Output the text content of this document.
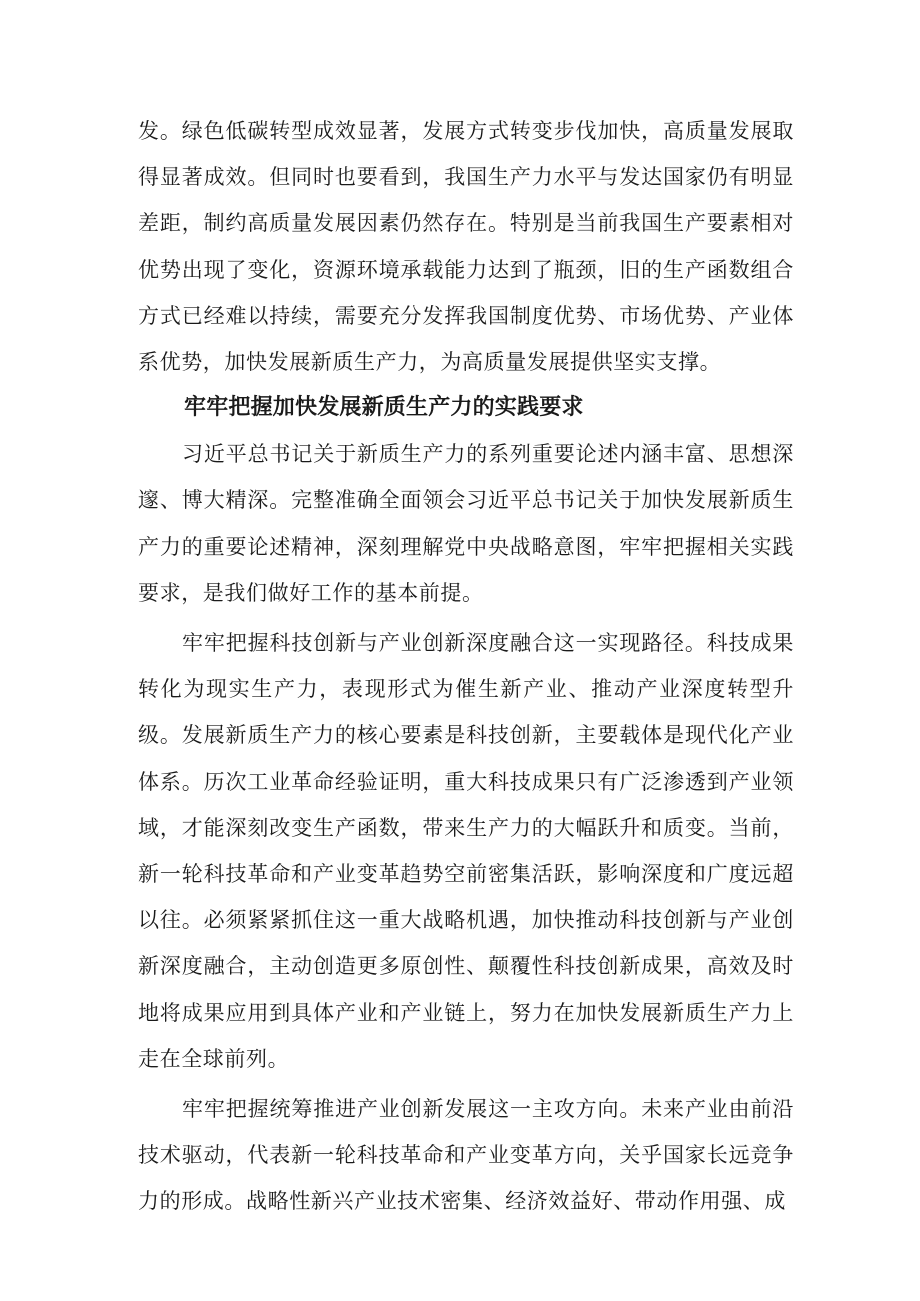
发。绿色低碳转型成效显著，发展方式转变步伐加快，高质量发展取得显著成效。但同时也要看到，我国生产力水平与发达国家仍有明显差距，制约高质量发展因素仍然存在。特别是当前我国生产要素相对优势出现了变化，资源环境承载能力达到了瓶颈，旧的生产函数组合方式已经难以持续，需要充分发挥我国制度优势、市场优势、产业体系优势，加快发展新质生产力，为高质量发展提供坚实支撑。

牢牢把握加快发展新质生产力的实践要求

习近平总书记关于新质生产力的系列重要论述内涵丰富、思想深邃、博大精深。完整准确全面领会习近平总书记关于加快发展新质生产力的重要论述精神，深刻理解党中央战略意图，牢牢把握相关实践要求，是我们做好工作的基本前提。

牢牢把握科技创新与产业创新深度融合这一实现路径。科技成果转化为现实生产力，表现形式为催生新产业、推动产业深度转型升级。发展新质生产力的核心要素是科技创新，主要载体是现代化产业体系。历次工业革命经验证明，重大科技成果只有广泛渗透到产业领域，才能深刻改变生产函数，带来生产力的大幅跃升和质变。当前，新一轮科技革命和产业变革趋势空前密集活跃，影响深度和广度远超以往。必须紧紧抓住这一重大战略机遇，加快推动科技创新与产业创新深度融合，主动创造更多原创性、颠覆性科技创新成果，高效及时地将成果应用到具体产业和产业链上，努力在加快发展新质生产力上走在全球前列。

牢牢把握统筹推进产业创新发展这一主攻方向。未来产业由前沿技术驱动，代表新一轮科技革命和产业变革方向，关乎国家长远竞争力的形成。战略性新兴产业技术密集、经济效益好、带动作用强、成
